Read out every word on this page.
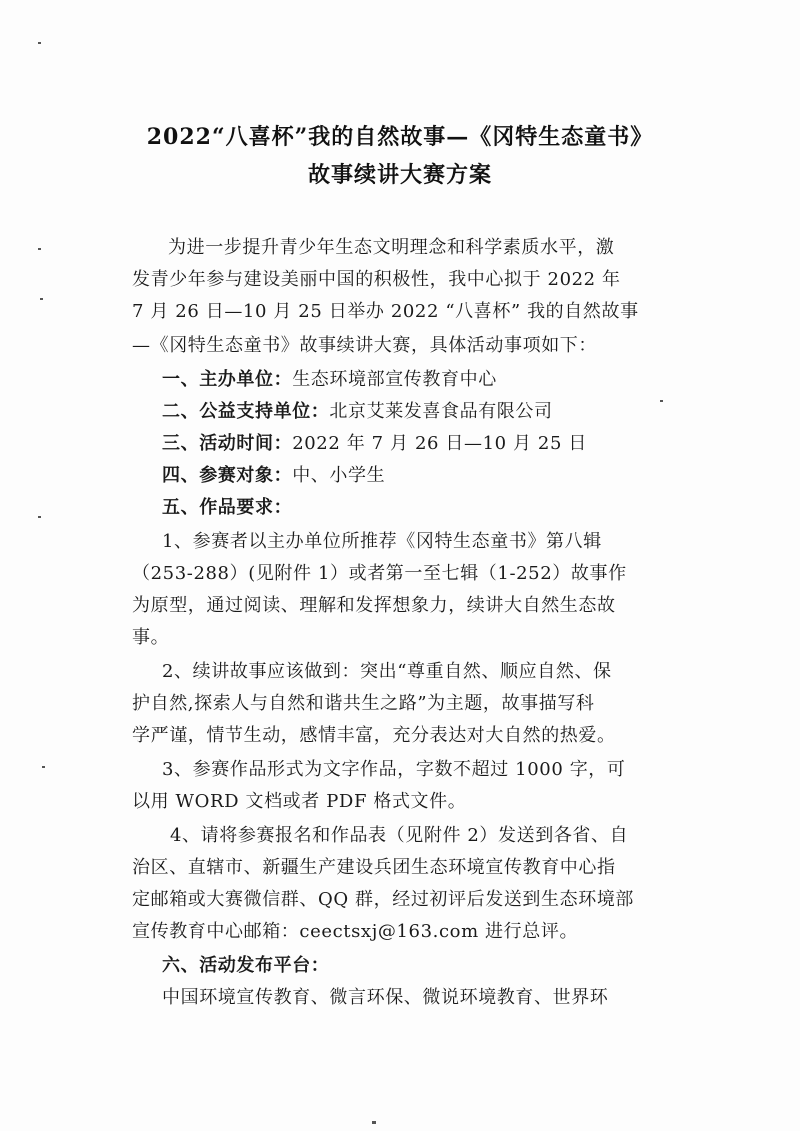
2022“八喜杯”我的自然故事—《冈特生态童书》
故事续讲大赛方案
为进一步提升青少年生态文明理念和科学素质水平，激
发青少年参与建设美丽中国的积极性，我中心拟于 2022 年
7 月 26 日—10 月 25 日举办 2022 “八喜杯” 我的自然故事
—《冈特生态童书》故事续讲大赛，具体活动事项如下：
一、主办单位：生态环境部宣传教育中心
二、公益支持单位：北京艾莱发喜食品有限公司
三、活动时间：2022 年 7 月 26 日—10 月 25 日
四、参赛对象：中、小学生
五、作品要求：
1、参赛者以主办单位所推荐《冈特生态童书》第八辑
（253-288）(见附件 1）或者第一至七辑（1-252）故事作
为原型，通过阅读、理解和发挥想象力，续讲大自然生态故
事。
2、续讲故事应该做到：突出“尊重自然、顺应自然、保
护自然,探索人与自然和谐共生之路”为主题，故事描写科
学严谨，情节生动，感情丰富，充分表达对大自然的热爱。
3、参赛作品形式为文字作品，字数不超过 1000 字，可
以用 WORD 文档或者 PDF 格式文件。
4、请将参赛报名和作品表（见附件 2）发送到各省、自
治区、直辖市、新疆生产建设兵团生态环境宣传教育中心指
定邮箱或大赛微信群、QQ 群，经过初评后发送到生态环境部
宣传教育中心邮箱：ceectsxj@163.com 进行总评。
六、活动发布平台：
中国环境宣传教育、微言环保、微说环境教育、世界环
